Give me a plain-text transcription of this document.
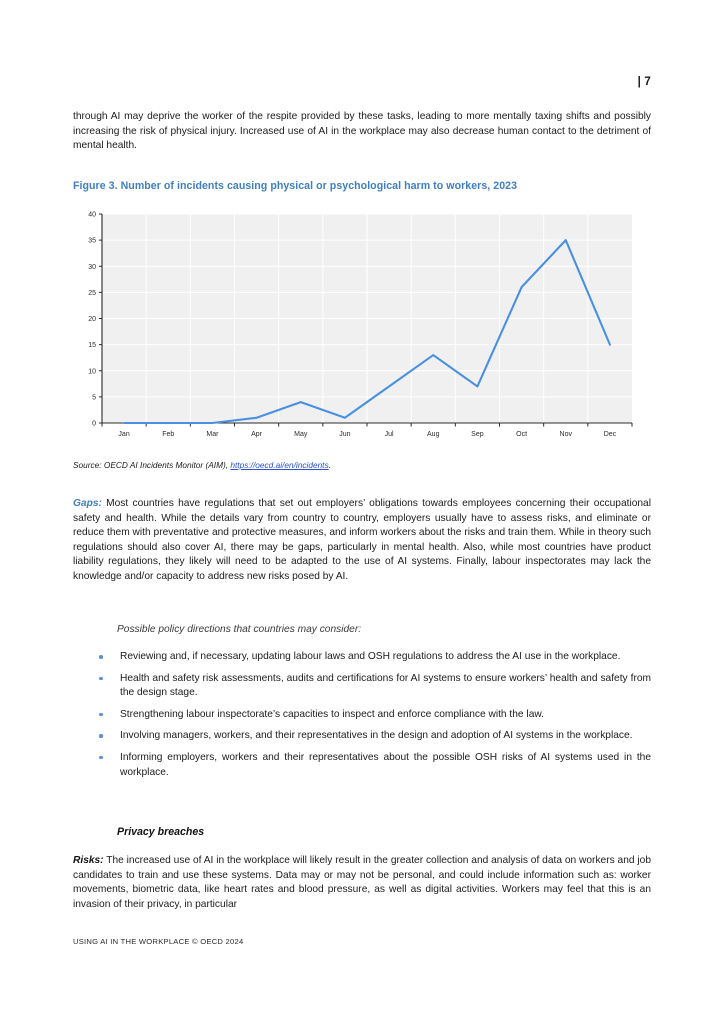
| 7

through AI may deprive the worker of the respite provided by these tasks, leading to more mentally taxing shifts and possibly increasing the risk of physical injury. Increased use of AI in the workplace may also decrease human contact to the detriment of mental health.

Figure 3. Number of incidents causing physical or psychological harm to workers, 2023
0
5
10
15
20
25
30
35
40
Jan	Feb	Mar	Apr	May	Jun	Jul	Aug	Sep	Oct	Nov	Dec
Source: OECD AI Incidents Monitor (AIM), https://oecd.ai/en/incidents.

Gaps: Most countries have regulations that set out employers’ obligations towards employees concerning their occupational safety and health. While the details vary from country to country, employers usually have to assess risks, and eliminate or reduce them with preventative and protective measures, and inform workers about the risks and train them. While in theory such regulations should also cover AI, there may be gaps, particularly in mental health. Also, while most countries have product liability regulations, they likely will need to be adapted to the use of AI systems. Finally, labour inspectorates may lack the knowledge and/or capacity to address new risks posed by AI.

Possible policy directions that countries may consider:
Reviewing and, if necessary, updating labour laws and OSH regulations to address the AI use in the workplace.
Health and safety risk assessments, audits and certifications for AI systems to ensure workers’ health and safety from the design stage.
Strengthening labour inspectorate’s capacities to inspect and enforce compliance with the law.
Involving managers, workers, and their representatives in the design and adoption of AI systems in the workplace.
Informing employers, workers and their representatives about the possible OSH risks of AI systems used in the workplace.
Privacy breaches

Risks: The increased use of AI in the workplace will likely result in the greater collection and analysis of data on workers and job candidates to train and use these systems. Data may or may not be personal, and could include information such as: worker movements, biometric data, like heart rates and blood pressure, as well as digital activities. Workers may feel that this is an invasion of their privacy, in particular

USING AI IN THE WORKPLACE © OECD 2024
